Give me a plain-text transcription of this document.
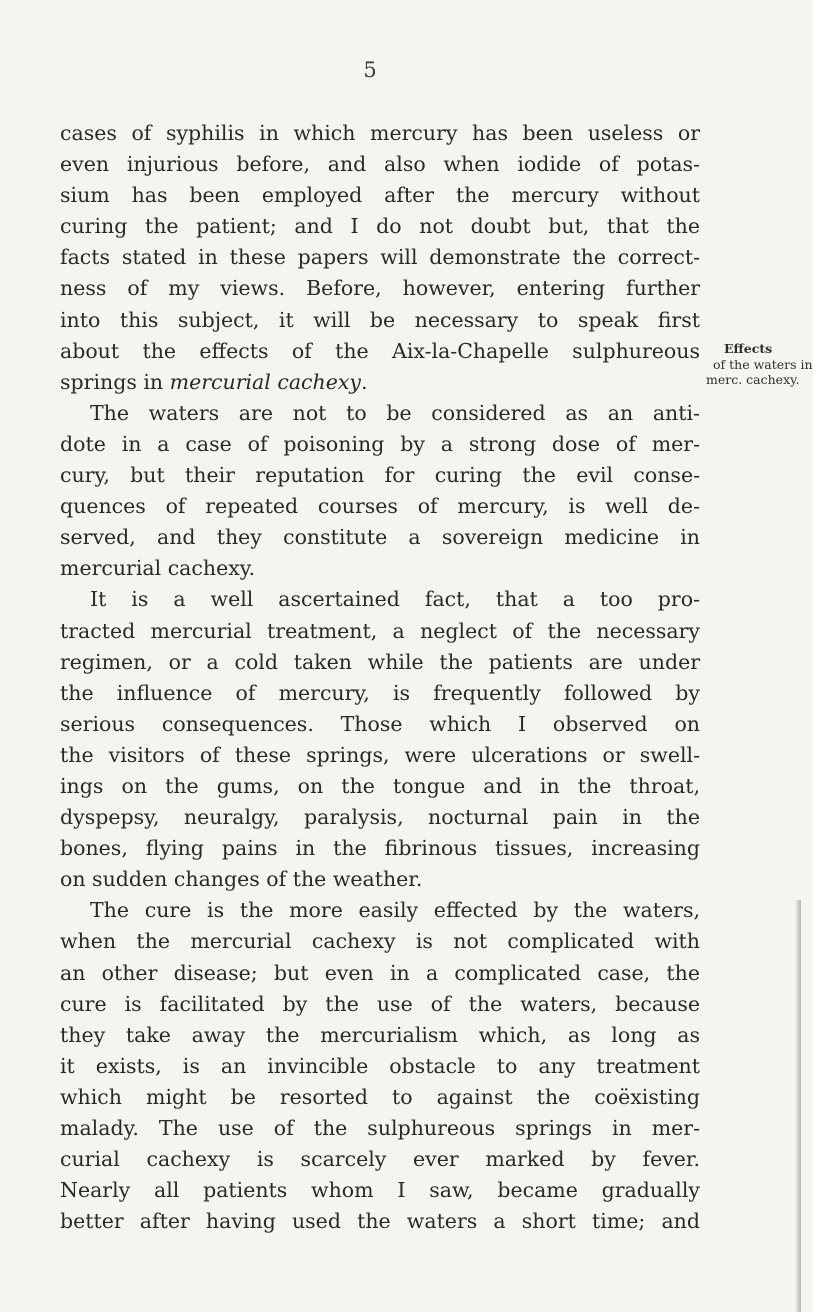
5
Effects
of the waters in
merc. cachexy.
cases of syphilis in which mercury has been useless or
even injurious before, and also when iodide of potas-
sium has been employed after the mercury without
curing the patient; and I do not doubt but, that the
facts stated in these papers will demonstrate the correct-
ness of my views. Before, however, entering further
into this subject, it will be necessary to speak first
about the effects of the Aix-la-Chapelle sulphureous
springs in mercurial cachexy.
The waters are not to be considered as an anti-
dote in a case of poisoning by a strong dose of mer-
cury, but their reputation for curing the evil conse-
quences of repeated courses of mercury, is well de-
served, and they constitute a sovereign medicine in
mercurial cachexy.
It is a well ascertained fact, that a too pro-
tracted mercurial treatment, a neglect of the necessary
regimen, or a cold taken while the patients are under
the influence of mercury, is frequently followed by
serious consequences. Those which I observed on
the visitors of these springs, were ulcerations or swell-
ings on the gums, on the tongue and in the throat,
dyspepsy, neuralgy, paralysis, nocturnal pain in the
bones, flying pains in the fibrinous tissues, increasing
on sudden changes of the weather.
The cure is the more easily effected by the waters,
when the mercurial cachexy is not complicated with
an other disease; but even in a complicated case, the
cure is facilitated by the use of the waters, because
they take away the mercurialism which, as long as
it exists, is an invincible obstacle to any treatment
which might be resorted to against the coëxisting
malady. The use of the sulphureous springs in mer-
curial cachexy is scarcely ever marked by fever.
Nearly all patients whom I saw, became gradually
better after having used the waters a short time; and
